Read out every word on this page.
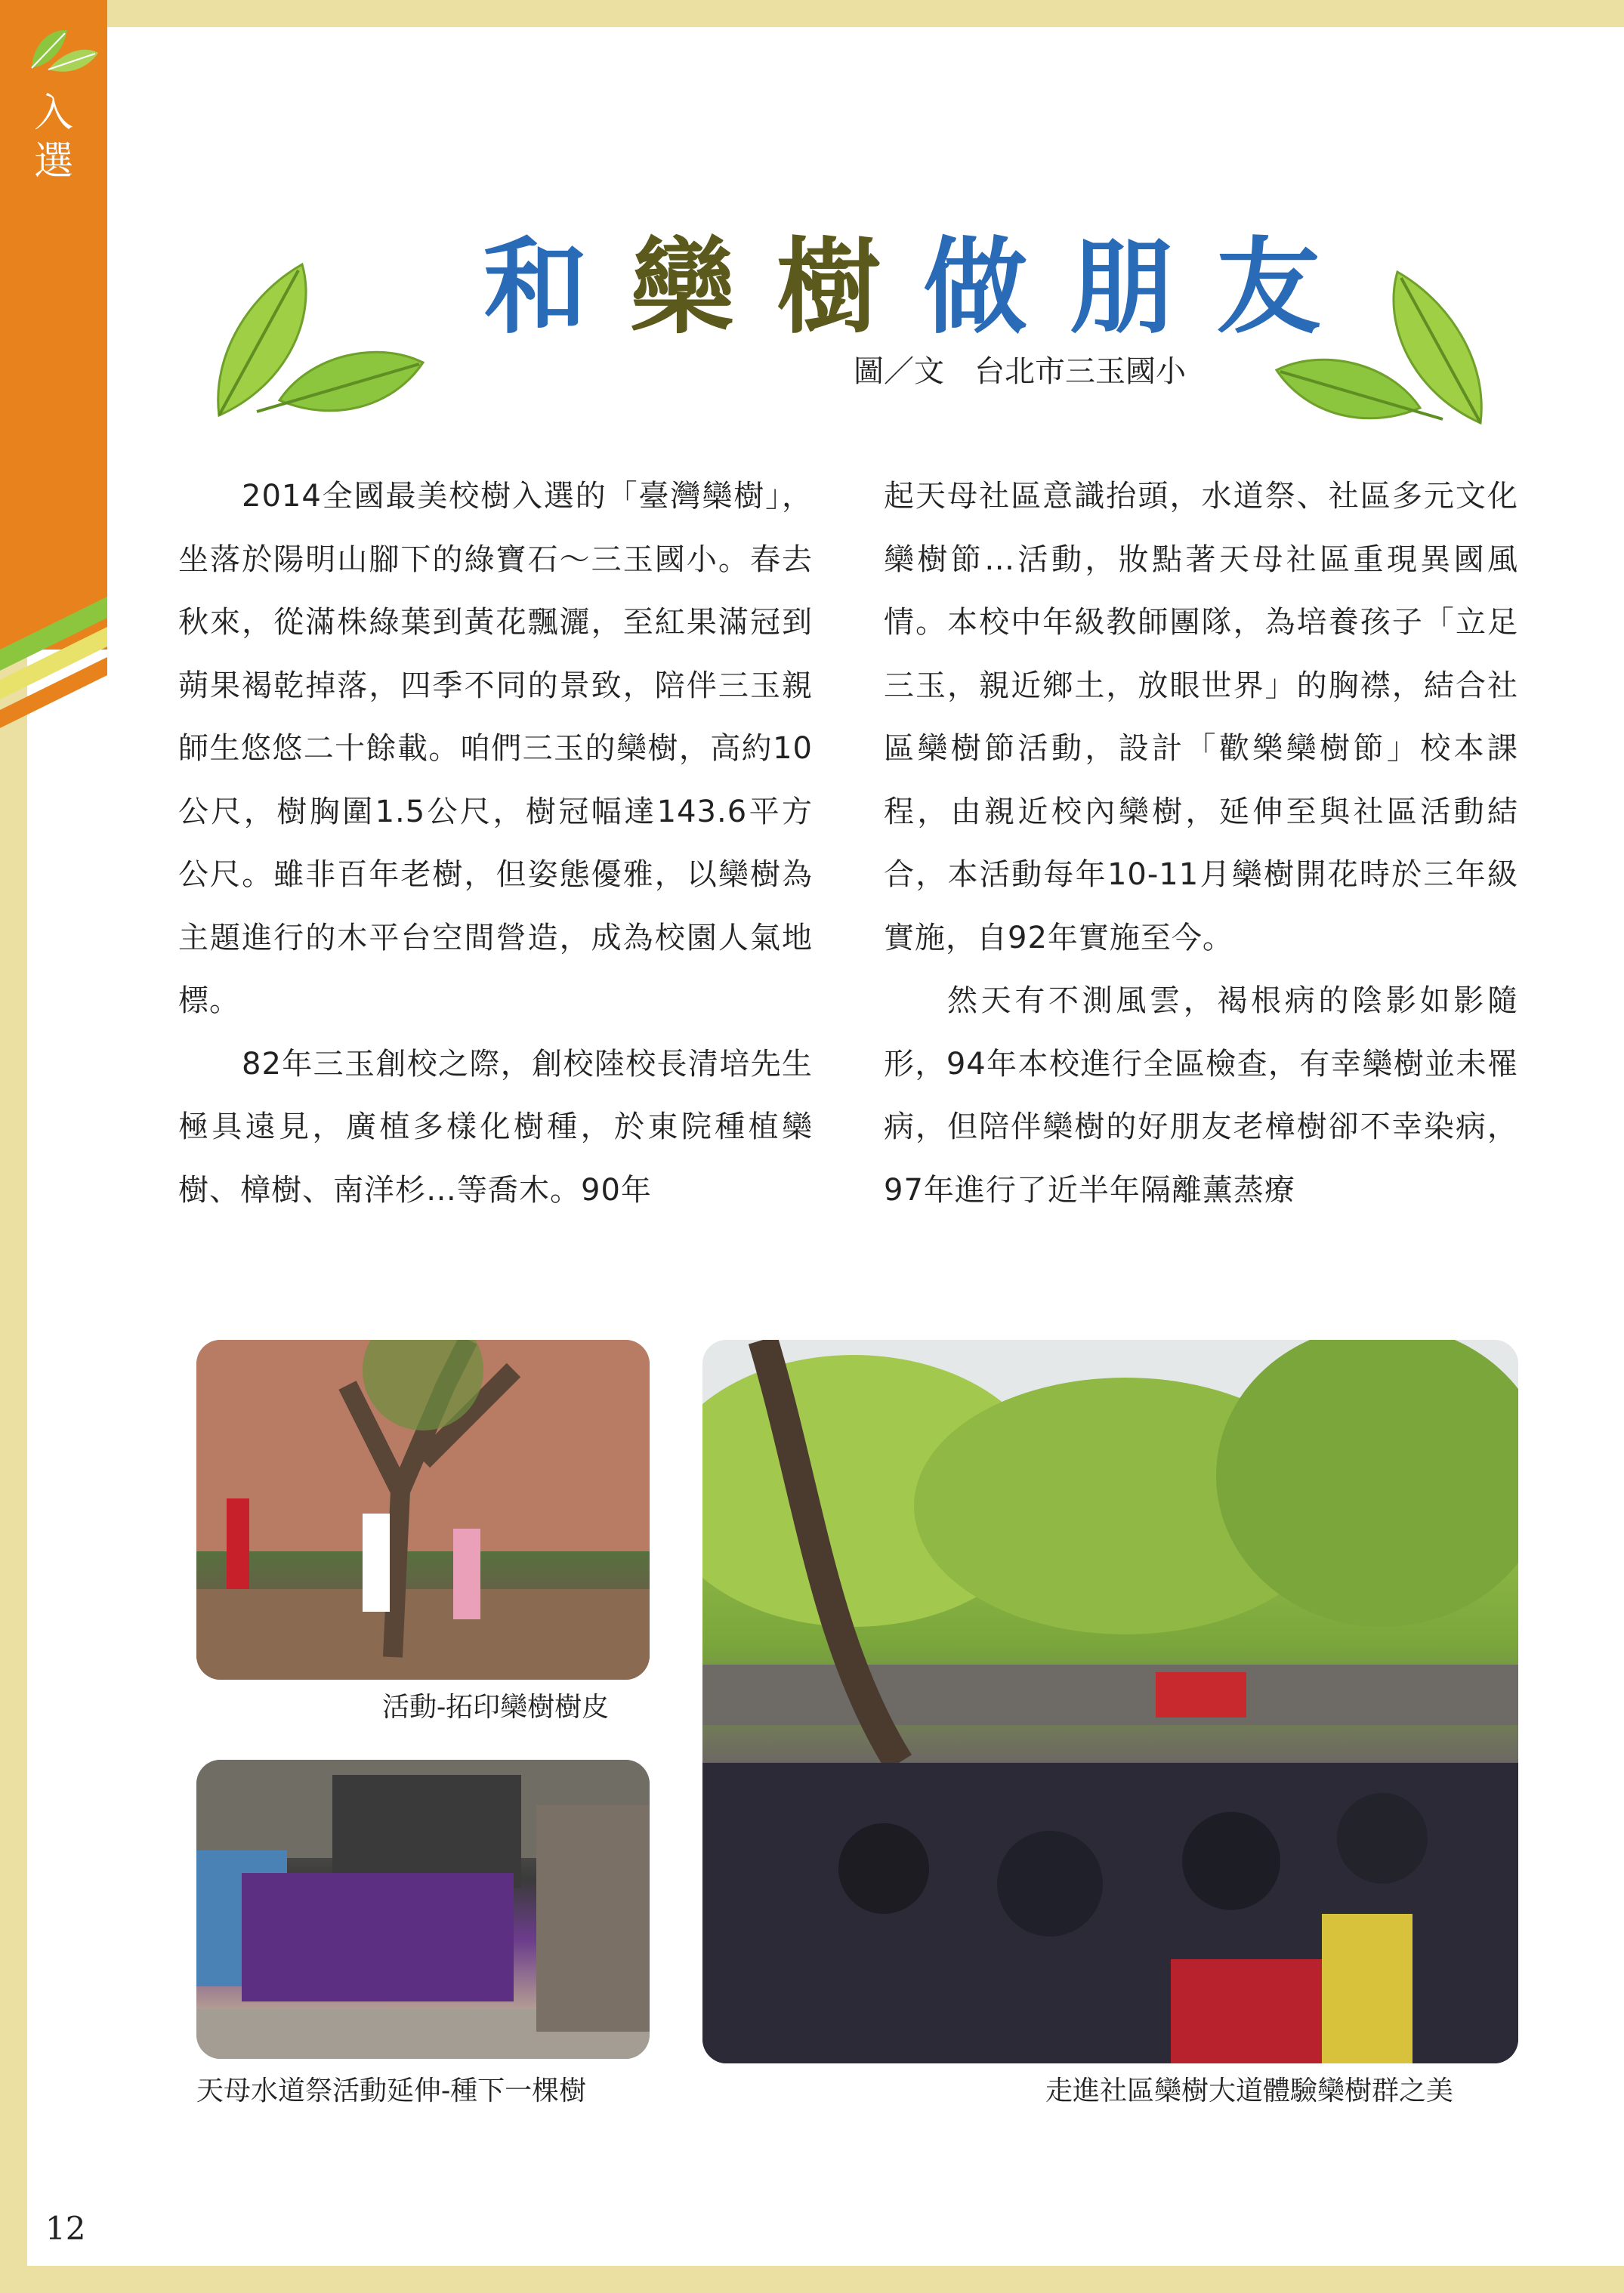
入選
和 欒 樹 做 朋 友
圖／文　台北市三玉國小

2014全國最美校樹入選的「臺灣欒樹」，坐落於陽明山腳下的綠寶石～三玉國小。春去秋來，從滿株綠葉到黃花飄灑，至紅果滿冠到蒴果褐乾掉落，四季不同的景致，陪伴三玉親師生悠悠二十餘載。咱們三玉的欒樹，高約10公尺，樹胸圍1.5公尺，樹冠幅達143.6平方公尺。雖非百年老樹，但姿態優雅，以欒樹為主題進行的木平台空間營造，成為校園人氣地標。

82年三玉創校之際，創校陸校長清培先生極具遠見，廣植多樣化樹種，於東院種植欒樹、樟樹、南洋杉…等喬木。90年

起天母社區意識抬頭，水道祭、社區多元文化欒樹節…活動，妝點著天母社區重現異國風情。本校中年級教師團隊，為培養孩子「立足三玉，親近鄉土，放眼世界」的胸襟，結合社區欒樹節活動，設計「歡樂欒樹節」校本課程，由親近校內欒樹，延伸至與社區活動結合，本活動每年10-11月欒樹開花時於三年級實施，自92年實施至今。

然天有不測風雲，褐根病的陰影如影隨形，94年本校進行全區檢查，有幸欒樹並未罹病，但陪伴欒樹的好朋友老樟樹卻不幸染病，97年進行了近半年隔離薰蒸療

活動-拓印欒樹樹皮
天母水道祭活動延伸-種下一棵樹	走進社區欒樹大道體驗欒樹群之美
12
